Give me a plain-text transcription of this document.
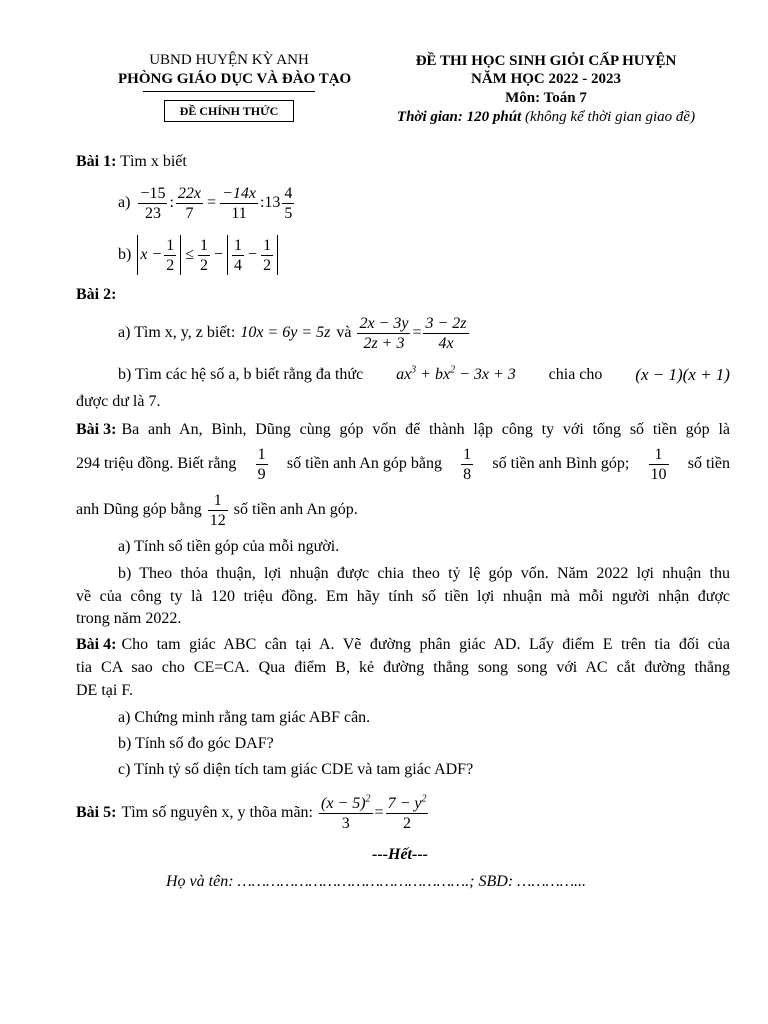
UBND HUYỆN KỲ ANH
PHÒNG GIÁO DỤC VÀ ĐÀO TẠO
ĐỀ CHÍNH THỨC
ĐỀ THI HỌC SINH GIỎI CẤP HUYỆN
NĂM HỌC 2022 - 2023
Môn: Toán 7
Thời gian: 120 phút (không kể thời gian giao đề)
Bài 1: Tìm x biết
$a) \frac{-15}{23}$ : $\frac{22x}{7} = \frac{-14x}{11}$ :13 $\frac{4}{5}$
b) $x - \frac{1}{2} \le \frac{1}{2} - \frac{1}{4} - \frac{1}{2}$
Bài 2:
a) Tìm x, y, z biết: 10x = 6y = 5z và $\frac{2x - 3y}{2z + 3} = \frac{3 - 2z}{4x}$
b) Tìm các hệ số a, b biết rằng đa thức $ax^3 + bx^2 - 3x + 3$ chia cho (x − 1)(x + 1)
được dư là 7.
Bài 3: Ba anh An, Bình, Dũng cùng góp vốn để thành lập công ty với tổng số tiền góp là
294 triệu đồng. Biết rằng $\frac{1}{9}$ số tiền anh An góp bằng $\frac{1}{8}$ số tiền anh Bình góp; $\frac{1}{10}$ số tiền
anh Dũng góp bằng $\frac{1}{12}$ số tiền anh An góp.
a) Tính số tiền góp của mỗi người.
b) Theo thỏa thuận, lợi nhuận được chia theo tỷ lệ góp vốn. Năm 2022 lợi nhuận thu
về của công ty là 120 triệu đồng. Em hãy tính số tiền lợi nhuận mà mỗi người nhận được
trong năm 2022.
Bài 4: Cho tam giác ABC cân tại A. Vẽ đường phân giác AD. Lấy điểm E trên tia đối của
tia CA sao cho CE=CA. Qua điểm B, kẻ đường thẳng song song với AC cắt đường thẳng
DE tại F.
a) Chứng minh rằng tam giác ABF cân.
b) Tính số đo góc DAF?
c) Tính tỷ số diện tích tam giác CDE và tam giác ADF?
Bài 5: Tìm số nguyên x, y thõa mãn: $\frac{(x - 5)^2}{3} = \frac{7 - y^2}{2}$
---Hết---
Họ và tên: ………………………………………….; SBD: …………...
